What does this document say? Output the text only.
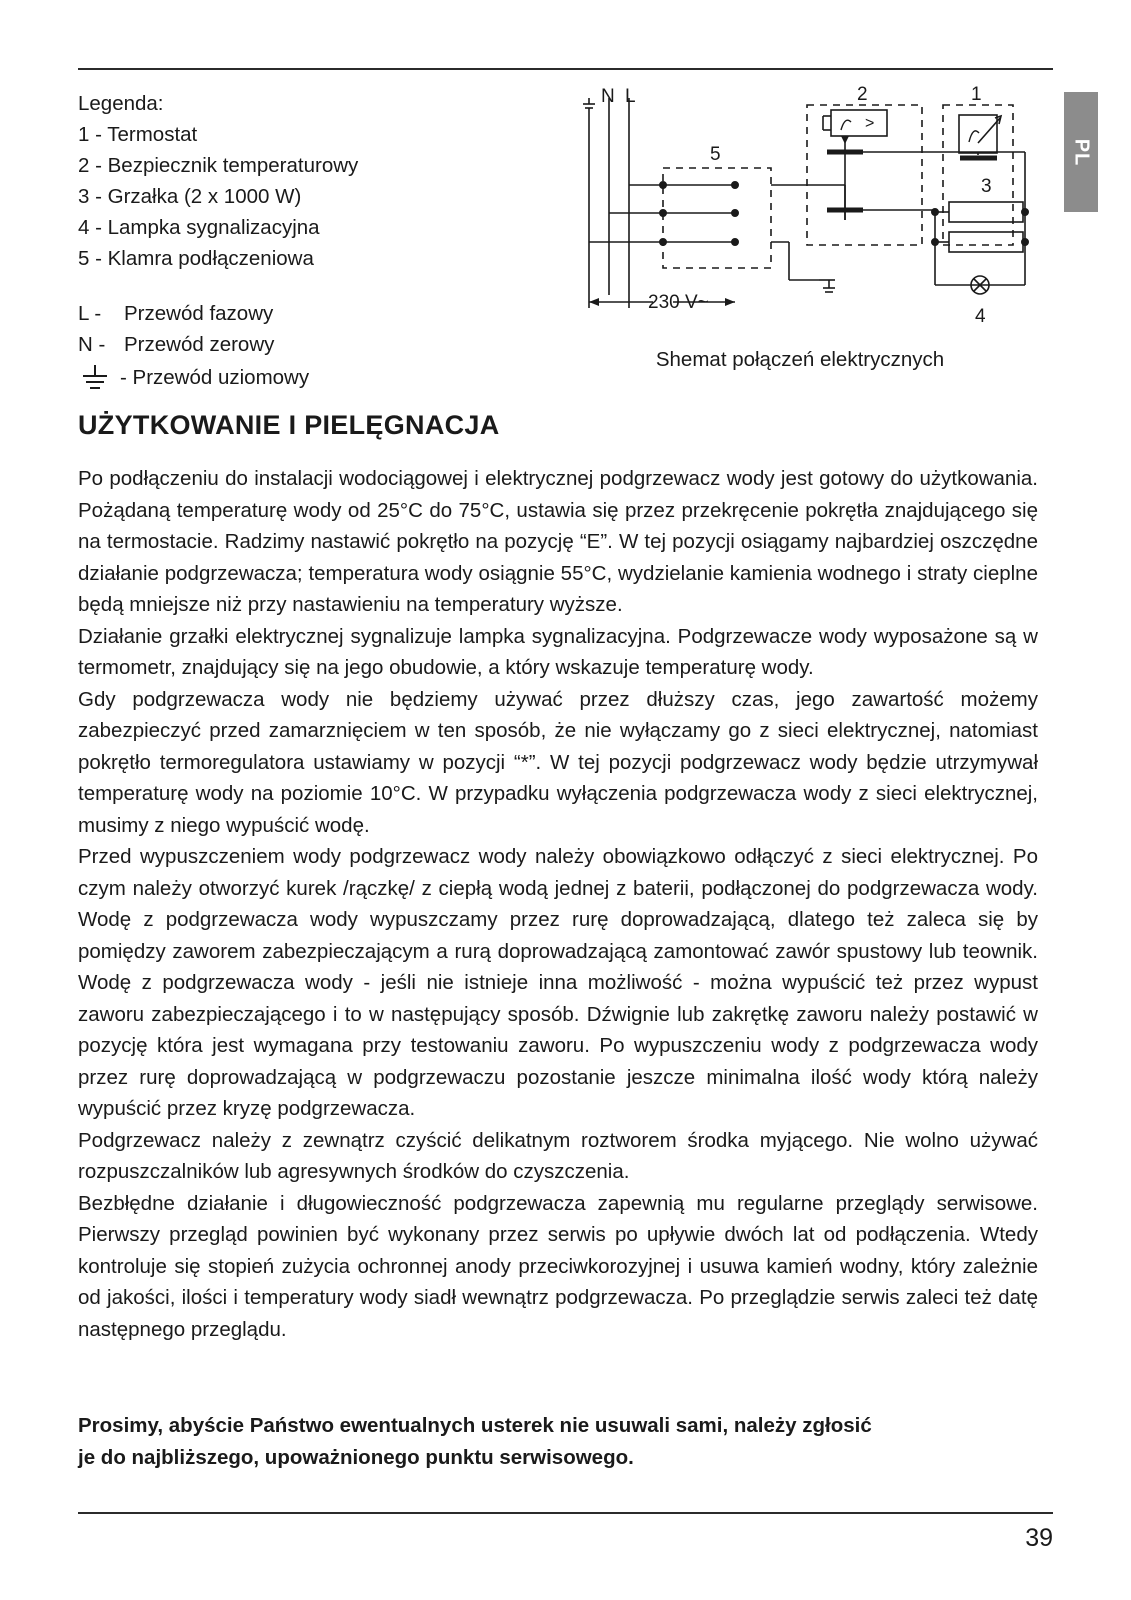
PL
Legenda:
1 - Termostat
2 - Bezpiecznik temperaturowy
3 - Grzałka (2 x 1000 W)
4 - Lampka sygnalizacyjna
5 - Klamra podłączeniowa
L -	Przewód fazowy
N - Przewód zerowy
- Przewód uziomowy
>
N L
230 V~
5
2	1
3
4
Shemat połączeń elektrycznych
UŻYTKOWANIE I PIELĘGNACJA

Po podłączeniu do instalacji wodociągowej i elektrycznej podgrzewacz wody jest gotowy do użytkowania. Pożądaną temperaturę wody od 25°C do 75°C, ustawia się przez przekręcenie pokrętła znajdującego się na termostacie. Radzimy nastawić pokrętło na pozycję “E”. W tej pozycji osiągamy najbardziej oszczędne działanie podgrzewacza; temperatura wody osiągnie 55°C, wydzielanie kamienia wodnego i straty cieplne będą mniejsze niż przy nastawieniu na temperatury wyższe.

Działanie grzałki elektrycznej sygnalizuje lampka sygnalizacyjna. Podgrzewacze wody wyposażone są w termometr, znajdujący się na jego obudowie, a który wskazuje temperaturę wody.

Gdy podgrzewacza wody nie będziemy używać przez dłuższy czas, jego zawartość możemy zabezpieczyć przed zamarznięciem w ten sposób, że nie wyłączamy go z sieci elektrycznej, natomiast pokrętło termoregulatora ustawiamy w pozycji “*”. W tej pozycji podgrzewacz wody będzie utrzymywał temperaturę wody na poziomie 10°C. W przypadku wyłączenia podgrzewacza wody z sieci elektrycznej, musimy z niego wypuścić wodę.

Przed wypuszczeniem wody podgrzewacz wody należy obowiązkowo odłączyć z sieci elektrycznej. Po czym należy otworzyć kurek /rączkę/ z ciepłą wodą jednej z baterii, podłączonej do podgrzewacza wody. Wodę z podgrzewacza wody wypuszczamy przez rurę doprowadzającą, dlatego też zaleca się by pomiędzy zaworem zabezpieczającym a rurą doprowadzającą zamontować zawór spustowy lub teownik. Wodę z podgrzewacza wody - jeśli nie istnieje inna możliwość - można wypuścić też przez wypust zaworu zabezpieczającego i to w następujący sposób. Dźwignie lub zakrętkę zaworu należy postawić w pozycję która jest wymagana przy testowaniu zaworu. Po wypuszczeniu wody z podgrzewacza wody przez rurę doprowadzającą w podgrzewaczu pozostanie jeszcze minimalna ilość wody którą należy wypuścić przez kryzę podgrzewacza.

Podgrzewacz należy z zewnątrz czyścić delikatnym roztworem środka myjącego. Nie wolno używać rozpuszczalników lub agresywnych środków do czyszczenia.

Bezbłędne działanie i długowieczność podgrzewacza zapewnią mu regularne przeglądy serwisowe. Pierwszy przegląd powinien być wykonany przez serwis po upływie dwóch lat od podłączenia. Wtedy kontroluje się stopień zużycia ochronnej anody przeciwkorozyjnej i usuwa kamień wodny, który zależnie od jakości, ilości i temperatury wody siadł wewnątrz podgrzewacza. Po przeglądzie serwis zaleci też datę następnego przeglądu.

Prosimy, abyście Państwo ewentualnych usterek nie usuwali sami, należy zgłosić

je do najbliższego, upoważnionego punktu serwisowego.

39
